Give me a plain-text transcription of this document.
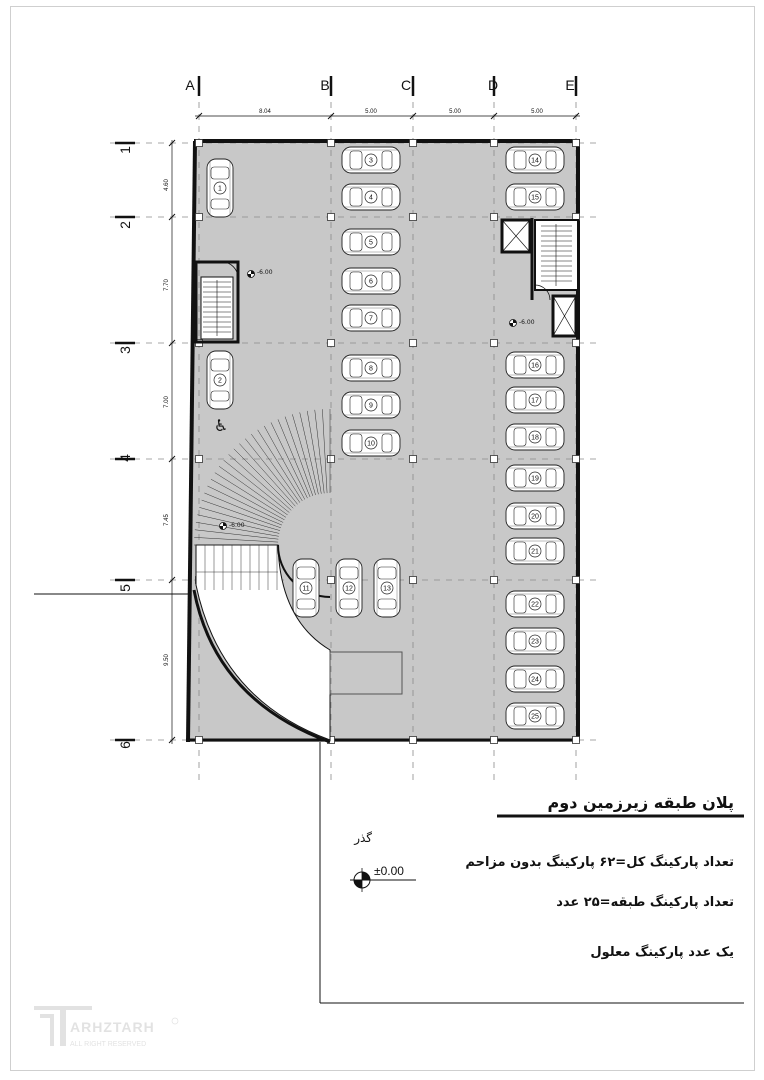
A	B	C	D	E
1
2
3
4
5
6
8.04	5.00	5.00	5.00
4.60
7.70
7.00
7.45
9.50
1
2
3
4
5
6
7
8
9
10
11	12	13
14
15
16
17
18
19
20
21
22
23
24
25
♿
-6.00
-6.00
-6.00
±0.00
گذر
پلان طبقه زیرزمین دوم
تعداد پارکینگ کل=۶۲ پارکینگ بدون مزاحم
تعداد پارکینگ طبقه=۲۵ عدد
یک عدد پارکینگ معلول
ARHZTARH
ALL RIGHT RESERVED
